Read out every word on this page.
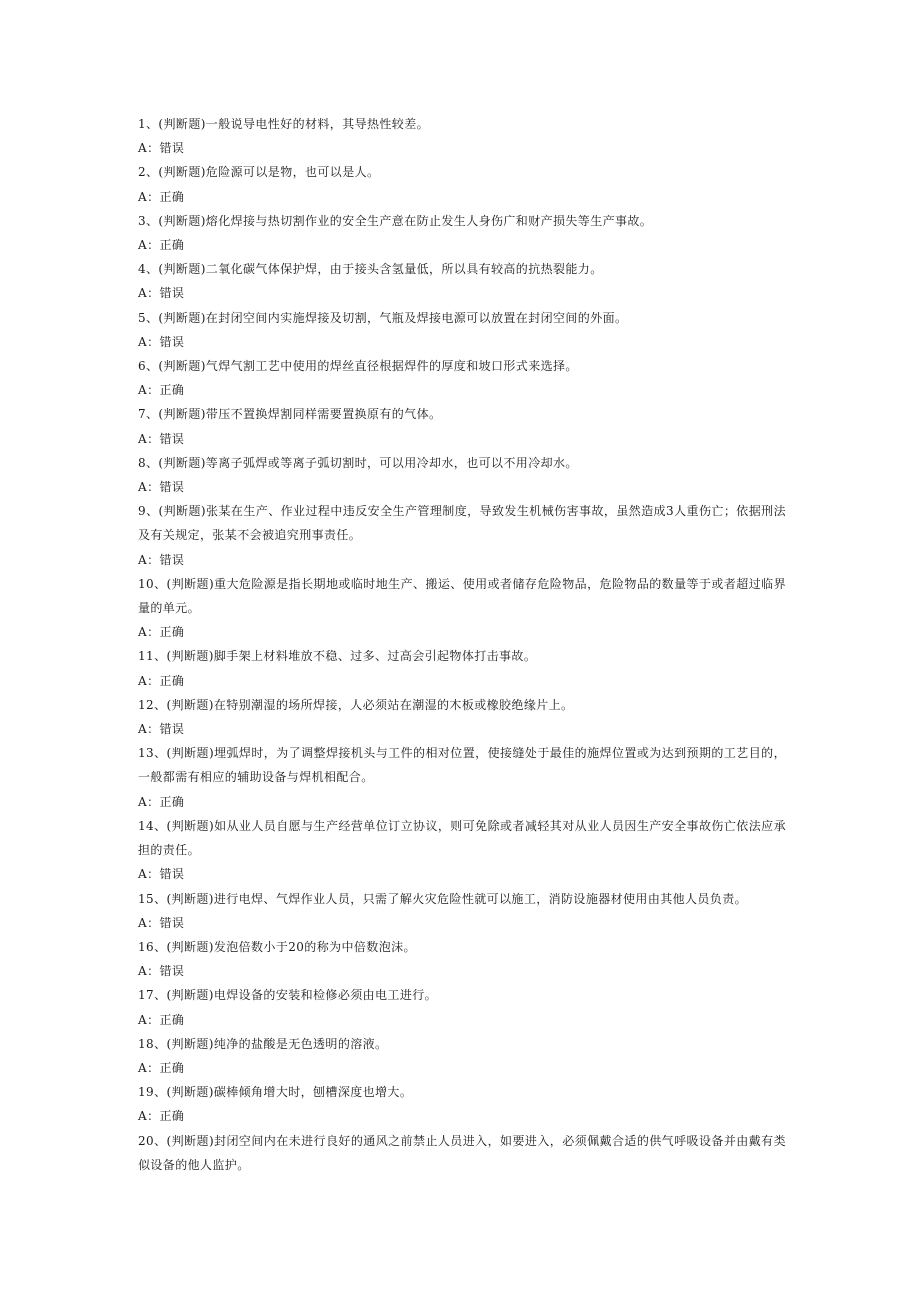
1、(判断题)一般说导电性好的材料，其导热性较差。

A：错误

2、(判断题)危险源可以是物，也可以是人。

A：正确

3、(判断题)熔化焊接与热切割作业的安全生产意在防止发生人身伤广和财产损失等生产事故。

A：正确

4、(判断题)二氧化碳气体保护焊，由于接头含氢量低，所以具有较高的抗热裂能力。

A：错误

5、(判断题)在封闭空间内实施焊接及切割，气瓶及焊接电源可以放置在封闭空间的外面。

A：错误

6、(判断题)气焊气割工艺中使用的焊丝直径根据焊件的厚度和坡口形式来选择。

A：正确

7、(判断题)带压不置换焊割同样需要置换原有的气体。

A：错误

8、(判断题)等离子弧焊或等离子弧切割时，可以用冷却水，也可以不用冷却水。

A：错误

9、(判断题)张某在生产、作业过程中违反安全生产管理制度，导致发生机械伤害事故，虽然造成3人重伤亡；依据刑法及有关规定，张某不会被追究刑事责任。

A：错误

10、(判断题)重大危险源是指长期地或临时地生产、搬运、使用或者储存危险物品，危险物品的数量等于或者超过临界量的单元。

A：正确

11、(判断题)脚手架上材料堆放不稳、过多、过高会引起物体打击事故。

A：正确

12、(判断题)在特别潮湿的场所焊接，人必须站在潮湿的木板或橡胶绝缘片上。

A：错误

13、(判断题)埋弧焊时，为了调整焊接机头与工件的相对位置，使接缝处于最佳的施焊位置或为达到预期的工艺目的，一般都需有相应的辅助设备与焊机相配合。

A：正确

14、(判断题)如从业人员自愿与生产经营单位订立协议，则可免除或者减轻其对从业人员因生产安全事故伤亡依法应承担的责任。

A：错误

15、(判断题)进行电焊、气焊作业人员，只需了解火灾危险性就可以施工，消防设施器材使用由其他人员负责。

A：错误

16、(判断题)发泡倍数小于20的称为中倍数泡沫。

A：错误

17、(判断题)电焊设备的安装和检修必须由电工进行。

A：正确

18、(判断题)纯净的盐酸是无色透明的溶液。

A：正确

19、(判断题)碳棒倾角增大时，刨槽深度也增大。

A：正确

20、(判断题)封闭空间内在未进行良好的通风之前禁止人员进入，如要进入，必须佩戴合适的供气呼吸设备并由戴有类似设备的他人监护。
